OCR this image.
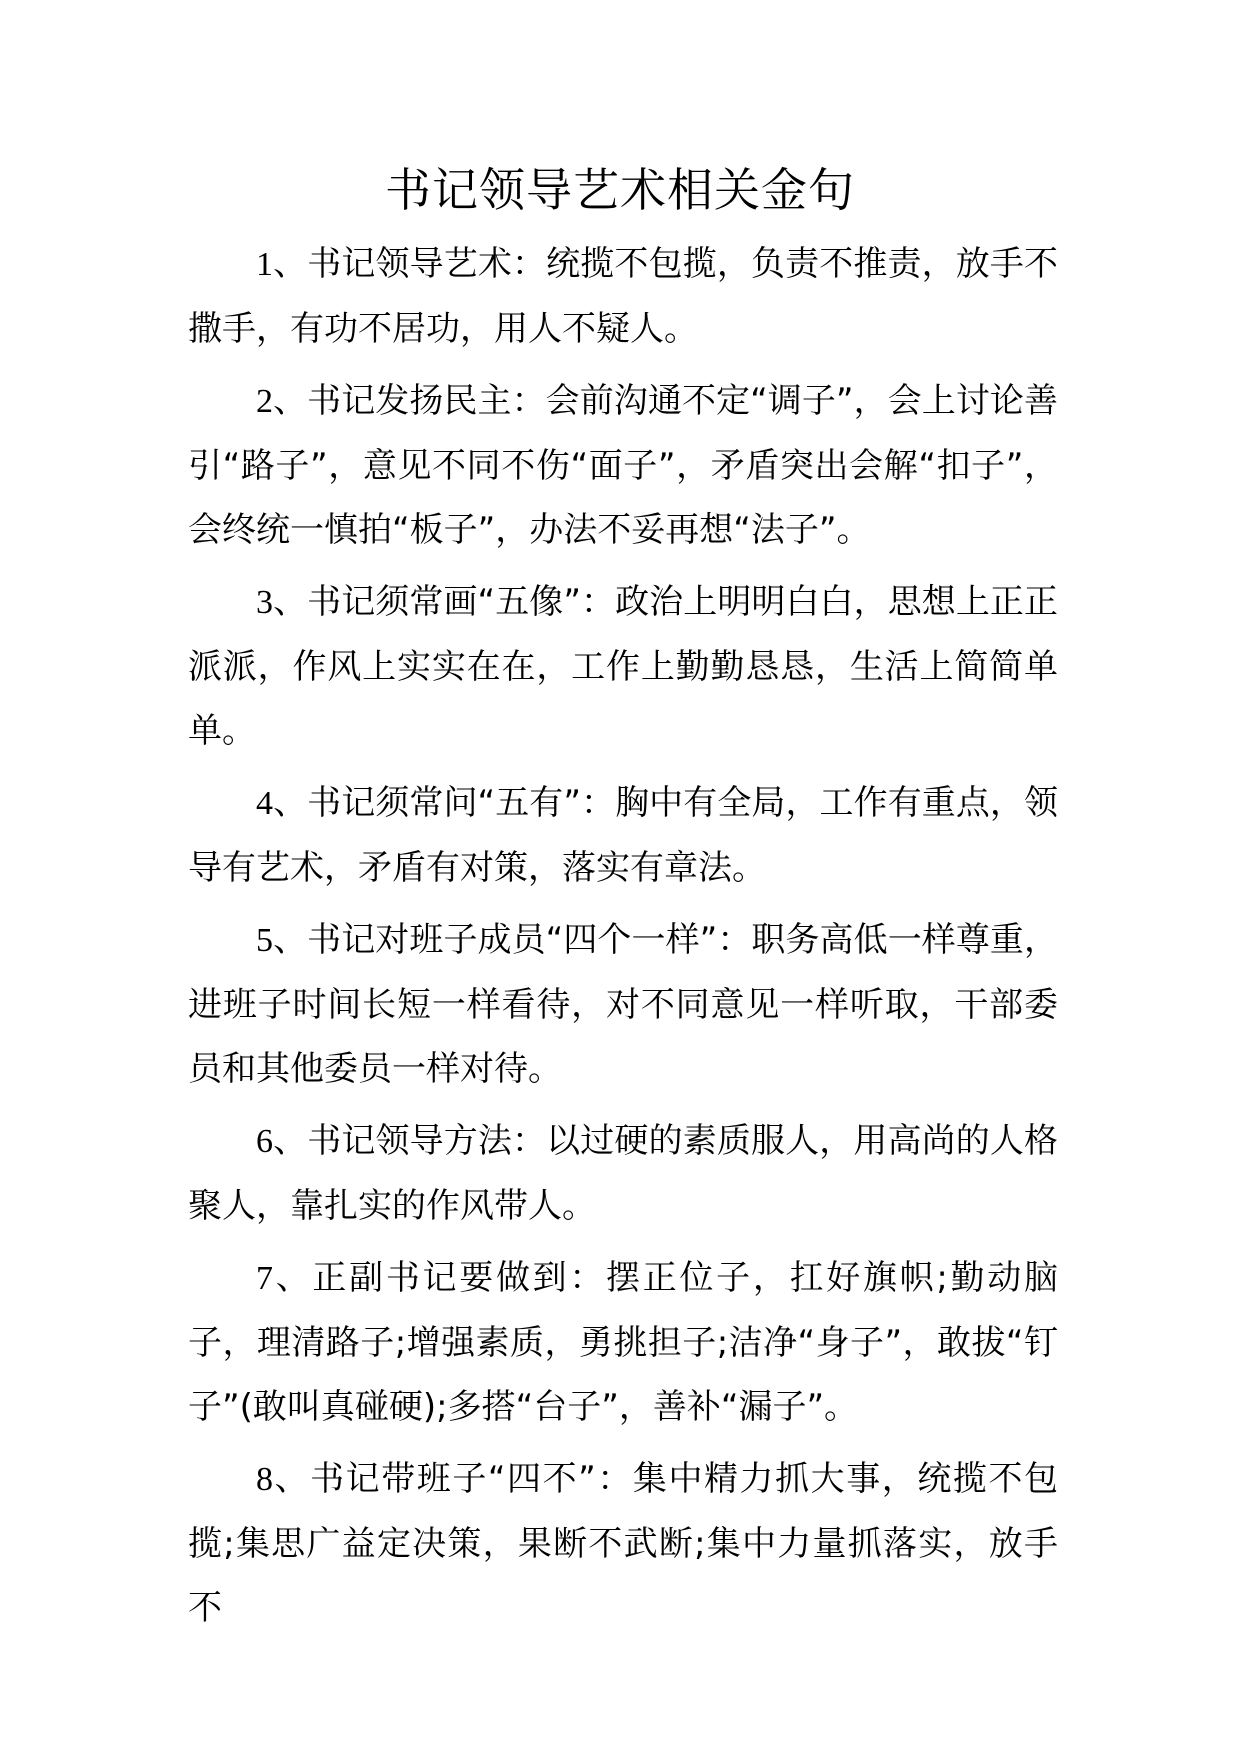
书记领导艺术相关金句

1、书记领导艺术：统揽不包揽，负责不推责，放手不撒手，有功不居功，用人不疑人。

2、书记发扬民主：会前沟通不定“调子”，会上讨论善引“路子”，意见不同不伤“面子”，矛盾突出会解“扣子”，会终统一慎拍“板子”，办法不妥再想“法子”。

3、书记须常画“五像”：政治上明明白白，思想上正正派派，作风上实实在在，工作上勤勤恳恳，生活上简简单单。

4、书记须常问“五有”：胸中有全局，工作有重点，领导有艺术，矛盾有对策，落实有章法。

5、书记对班子成员“四个一样”：职务高低一样尊重，进班子时间长短一样看待，对不同意见一样听取，干部委员和其他委员一样对待。

6、书记领导方法：以过硬的素质服人，用高尚的人格聚人，靠扎实的作风带人。

7、正副书记要做到：摆正位子，扛好旗帜;勤动脑子，理清路子;增强素质，勇挑担子;洁净“身子”，敢拔“钉子”(敢叫真碰硬);多搭“台子”，善补“漏子”。

8、书记带班子“四不”：集中精力抓大事，统揽不包揽;集思广益定决策，果断不武断;集中力量抓落实，放手不
